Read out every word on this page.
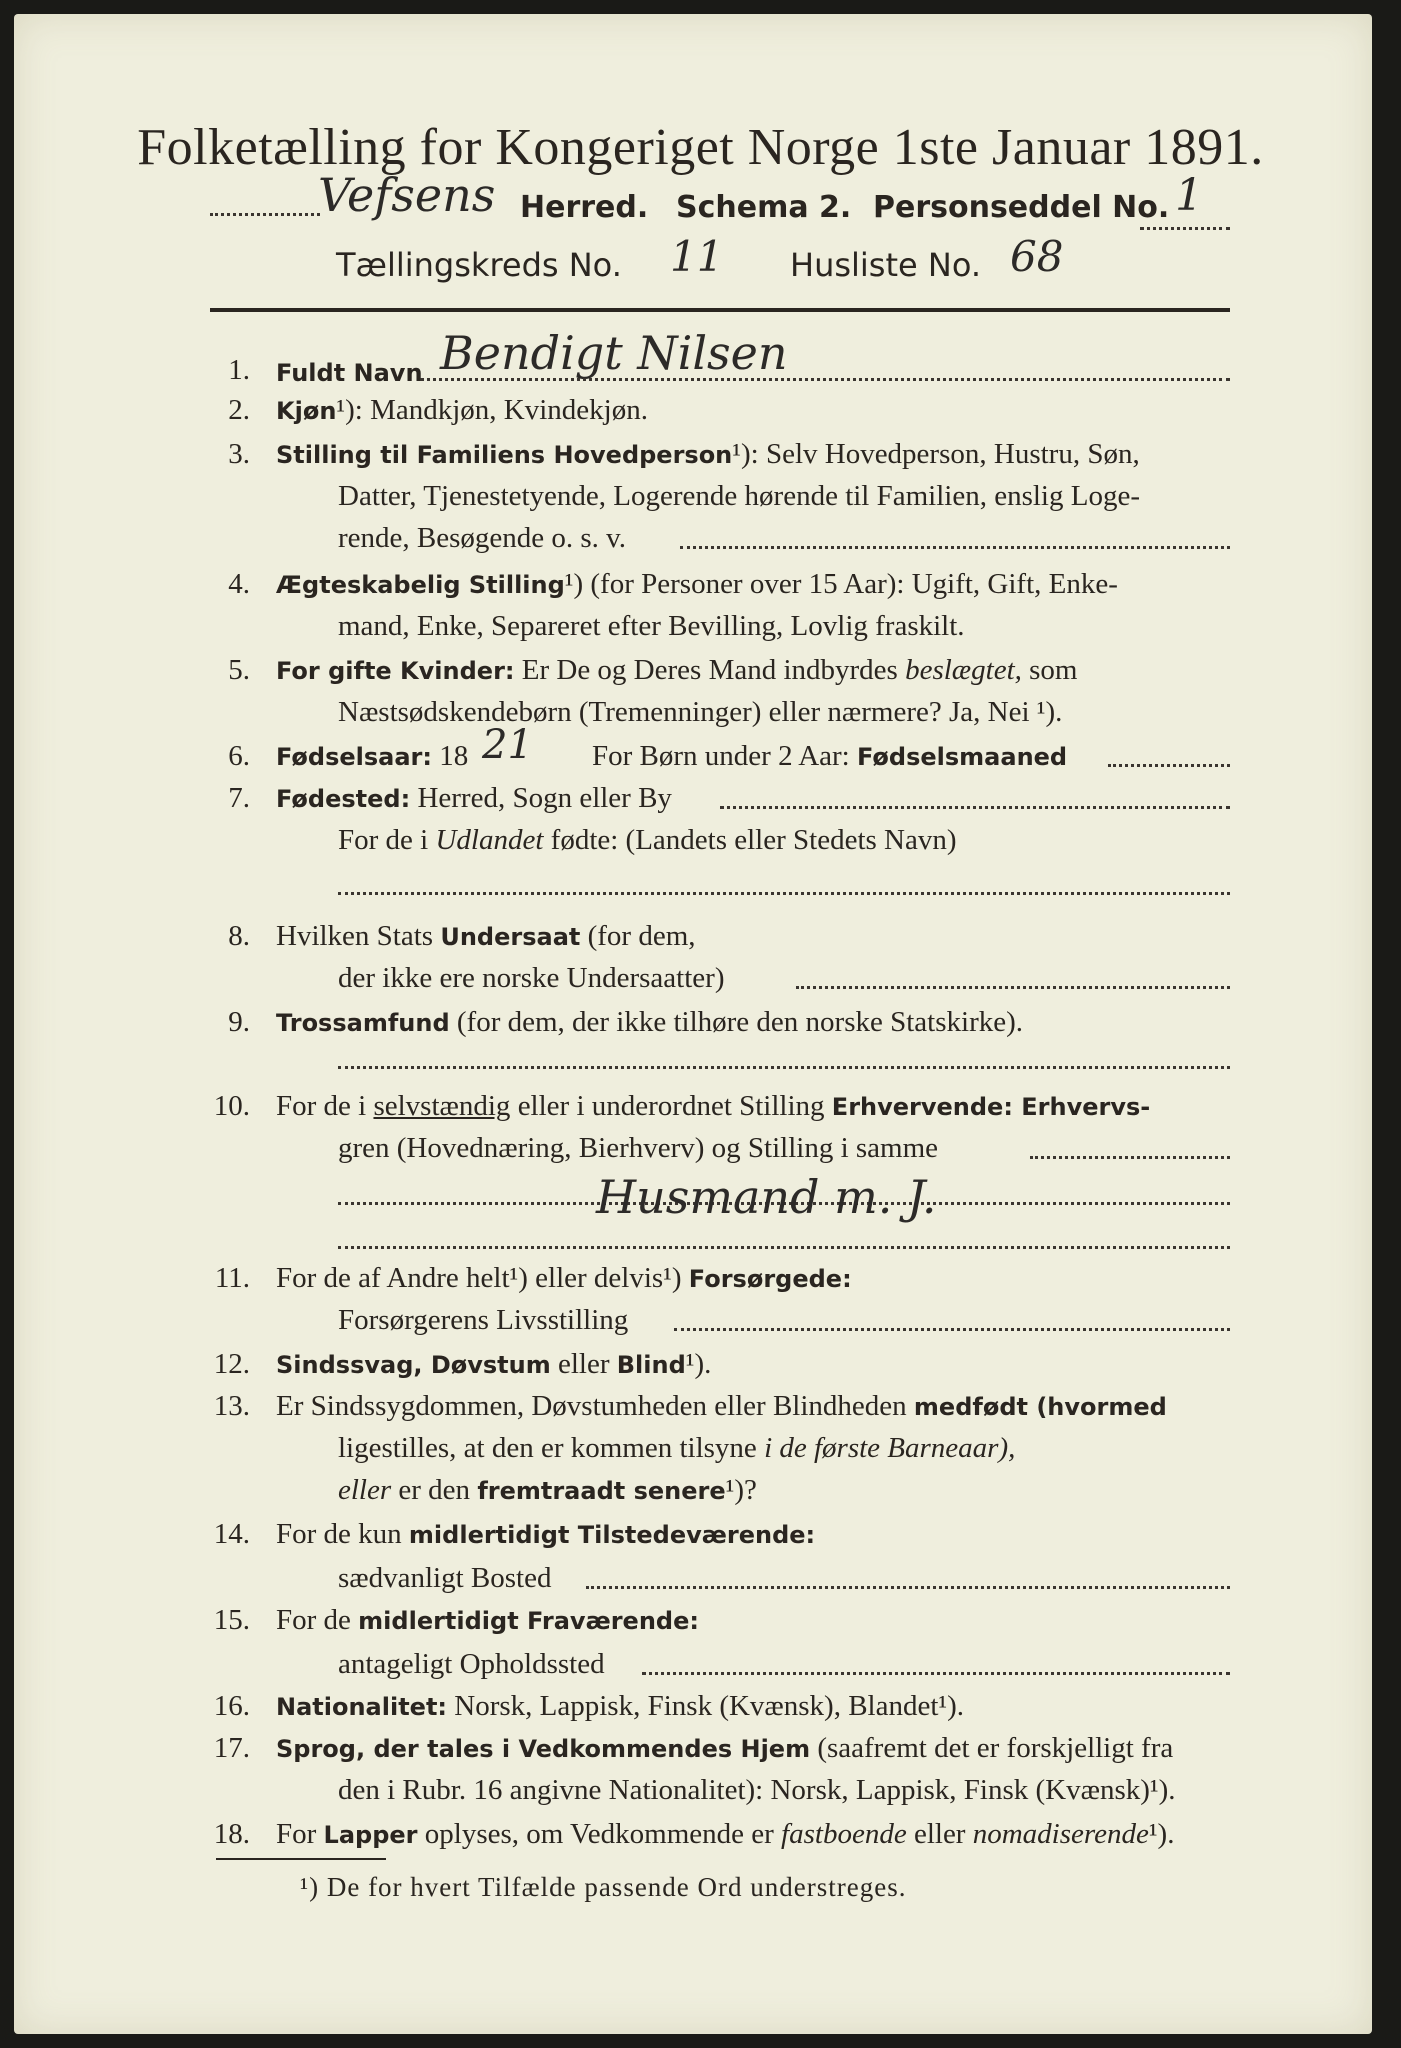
Folketælling for Kongeriget Norge 1ste Januar 1891.
Vefsens Herred. Schema 2. Personseddel No. 1
Tællingskreds No. 11 Husliste No. 68
1. Fuldt Navn Bendigt Nilsen
2. Kjøn¹): Mandkjøn, Kvindekjøn.
3. Stilling til Familiens Hovedperson¹): Selv Hovedperson, Hustru, Søn,
Datter, Tjenestetyende, Logerende hørende til Familien, enslig Loge-
rende, Besøgende o. s. v.
4. Ægteskabelig Stilling¹) (for Personer over 15 Aar): Ugift, Gift, Enke-
mand, Enke, Separeret efter Bevilling, Lovlig fraskilt.
5. For gifte Kvinder: Er De og Deres Mand indbyrdes beslægtet, som
Næstsødskendebørn (Tremenninger) eller nærmere? Ja, Nei ¹).
6. Fødselsaar: 18 21 For Børn under 2 Aar: Fødselsmaaned
7. Fødested: Herred, Sogn eller By
For de i Udlandet fødte: (Landets eller Stedets Navn)
8. Hvilken Stats Undersaat (for dem,
der ikke ere norske Undersaatter)
9. Trossamfund (for dem, der ikke tilhøre den norske Statskirke).
10. For de i selvstændig eller i underordnet Stilling Erhvervende: Erhvervs-
gren (Hovednæring, Bierhverv) og Stilling i samme
Husmand m. J.
11. For de af Andre helt¹) eller delvis¹) Forsørgede:
Forsørgerens Livsstilling
12. Sindssvag, Døvstum eller Blind¹).
13. Er Sindssygdommen, Døvstumheden eller Blindheden medfødt (hvormed
ligestilles, at den er kommen tilsyne i de første Barneaar),
eller er den fremtraadt senere¹)?
14. For de kun midlertidigt Tilstedeværende:
sædvanligt Bosted
15. For de midlertidigt Fraværende:
antageligt Opholdssted
16. Nationalitet: Norsk, Lappisk, Finsk (Kvænsk), Blandet¹).
17. Sprog, der tales i Vedkommendes Hjem (saafremt det er forskjelligt fra
den i Rubr. 16 angivne Nationalitet): Norsk, Lappisk, Finsk (Kvænsk)¹).
18. For Lapper oplyses, om Vedkommende er fastboende eller nomadiserende¹).
¹) De for hvert Tilfælde passende Ord understreges.
